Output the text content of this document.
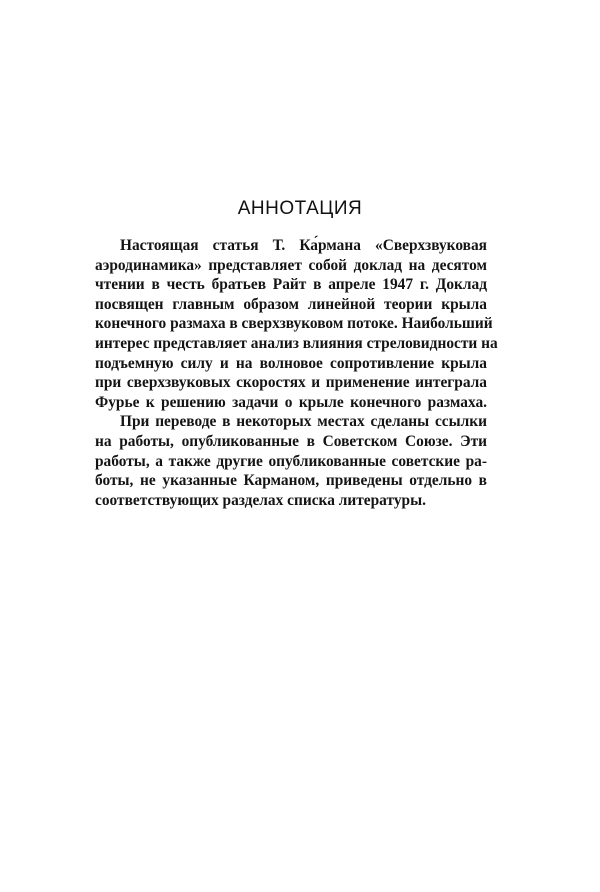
АННОТАЦИЯ
Настоящая статья Т. Ка́рмана «Сверхзвуковая
аэродинамика» представляет собой доклад на десятом
чтении в честь братьев Райт в апреле 1947 г. Доклад
посвящен главным образом линейной теории крыла
конечного размаха в сверхзвуковом потоке. Наибольший
интерес представляет анализ влияния стреловидности на
подъемную силу и на волновое сопротивление крыла
при сверхзвуковых скоростях и применение интеграла
Фурье к решению задачи о крыле конечного размаха.
При переводе в некоторых местах сделаны ссылки
на работы, опубликованные в Советском Союзе. Эти
работы, а также другие опубликованные советские ра-
боты, не указанные Карманом, приведены отдельно в
соответствующих разделах списка литературы.
